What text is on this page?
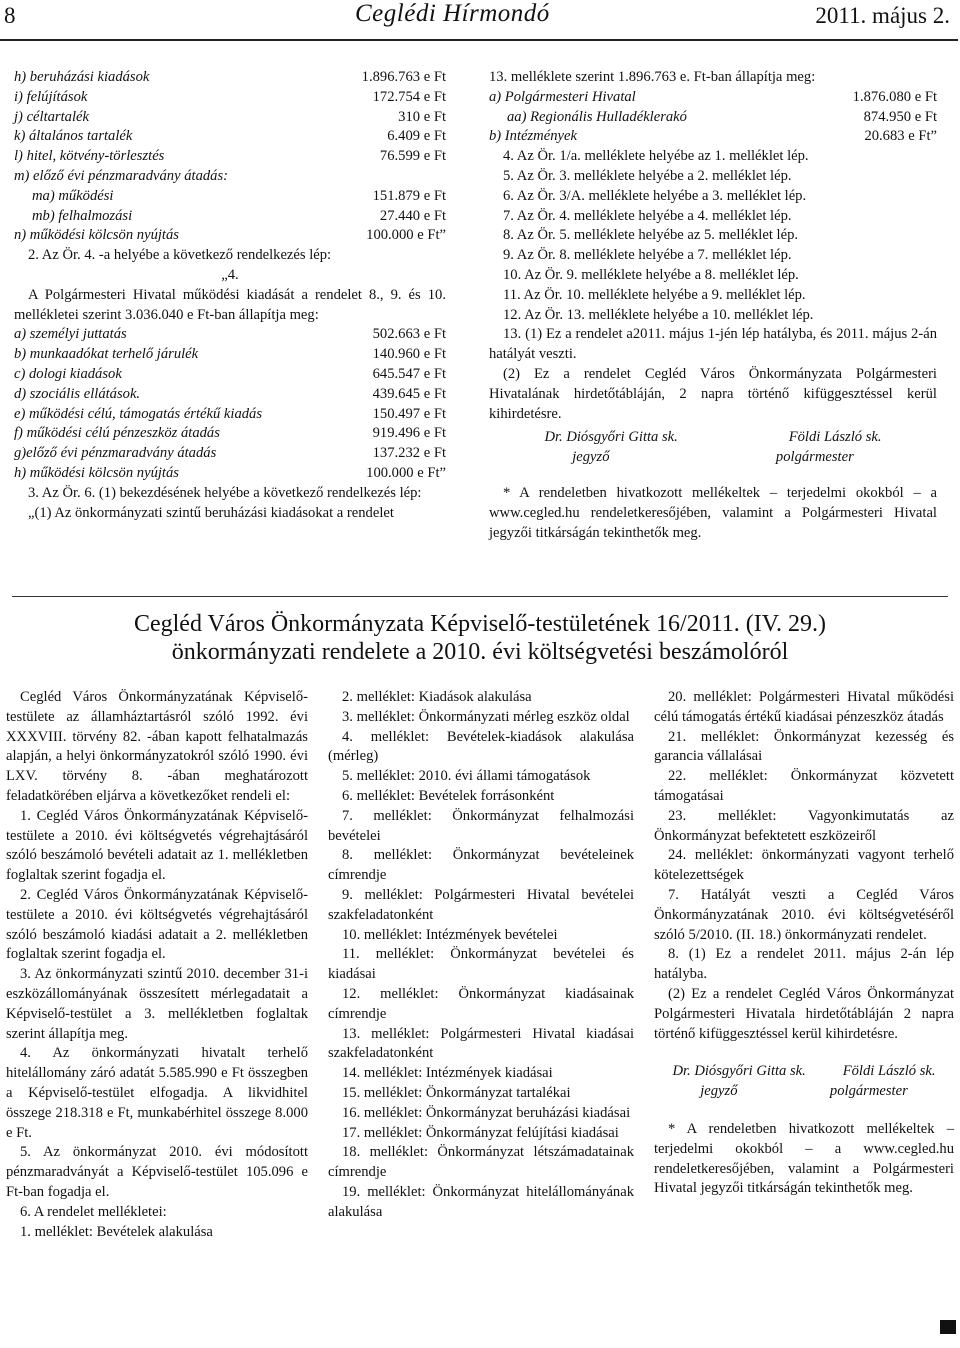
8	Ceglédi Hírmondó	2011. május 2.
h) beruházási kiadások	1.896.763 e Ft
i) felújítások	172.754 e Ft
j) céltartalék	310 e Ft
k) általános tartalék	6.409 e Ft
l) hitel, kötvény-törlesztés	76.599 e Ft
m) előző évi pénzmaradvány átadás:
ma) működési	151.879 e Ft
mb) felhalmozási	27.440 e Ft
n) működési kölcsön nyújtás	100.000 e Ft”

2. Az Ör. 4. -a helyébe a következő rendelkezés lép:

„4.

A Polgármesteri Hivatal működési kiadását a rendelet 8., 9. és 10. mellékletei szerint 3.036.040 e Ft-ban állapítja meg:

a) személyi juttatás	502.663 e Ft
b) munkaadókat terhelő járulék	140.960 e Ft
c) dologi kiadások	645.547 e Ft
d) szociális ellátások.	439.645 e Ft
e) működési célú, támogatás értékű kiadás	150.497 e Ft
f) működési célú pénzeszköz átadás	919.496 e Ft
g)előző évi pénzmaradvány átadás	137.232 e Ft
h) működési kölcsön nyújtás	100.000 e Ft”

3. Az Ör. 6. (1) bekezdésének helyébe a következő rendelkezés lép:

„(1) Az önkormányzati szintű beruházási kiadásokat a rendelet

13. melléklete szerint 1.896.763 e. Ft-ban állapítja meg:
a) Polgármesteri Hivatal	1.876.080 e Ft
aa) Regionális Hulladéklerakó	874.950 e Ft
b) Intézmények	20.683 e Ft”

4. Az Ör. 1/a. melléklete helyébe az 1. melléklet lép.

5. Az Ör. 3. melléklete helyébe a 2. melléklet lép.

6. Az Ör. 3/A. melléklete helyébe a 3. melléklet lép.

7. Az Ör. 4. melléklete helyébe a 4. melléklet lép.

8. Az Ör. 5. melléklete helyébe az 5. melléklet lép.

9. Az Ör. 8. melléklete helyébe a 7. melléklet lép.

10. Az Ör. 9. melléklete helyébe a 8. melléklet lép.

11. Az Ör. 10. melléklete helyébe a 9. melléklet lép.

12. Az Ör. 13. melléklete helyébe a 10. melléklet lép.

13. (1) Ez a rendelet a2011. május 1-jén lép hatályba, és 2011. május 2-án hatályát veszti.

(2) Ez a rendelet Cegléd Város Önkormányzata Polgármesteri Hivatalának hirdetőtábláján, 2 napra történő kifüggesztéssel kerül kihirdetésre.

Dr. Diósgyőri Gitta sk.	Földi László sk.
jegyző	polgármester

* A rendeletben hivatkozott mellékeltek – terjedelmi okokból – a www.cegled.hu rendeletkeresőjében, valamint a Polgármesteri Hivatal jegyzői titkárságán tekinthetők meg.

Cegléd Város Önkormányzata Képviselő-testületének 16/2011. (IV. 29.)
önkormányzati rendelete a 2010. évi költségvetési beszámolóról

Cegléd Város Önkormányzatának Képviselő-testülete az államháztartásról szóló 1992. évi XXXVIII. törvény 82. -ában kapott felhatalmazás alapján, a helyi önkormányzatokról szóló 1990. évi LXV. törvény 8. -ában meghatározott feladatkörében eljárva a következőket rendeli el:

1. Cegléd Város Önkormányzatának Képviselő-testülete a 2010. évi költségvetés végrehajtásáról szóló beszámoló bevételi adatait az 1. mellékletben foglaltak szerint fogadja el.

2. Cegléd Város Önkormányzatának Képviselő-testülete a 2010. évi költségvetés végrehajtásáról szóló beszámoló kiadási adatait a 2. mellékletben foglaltak szerint fogadja el.

3. Az önkormányzati szintű 2010. december 31-i eszközállományának összesített mérlegadatait a Képviselő-testület a 3. mellékletben foglaltak szerint állapítja meg.

4. Az önkormányzati hivatalt terhelő hitelállomány záró adatát 5.585.990 e Ft összegben a Képviselő-testület elfogadja. A likvidhitel összege 218.318 e Ft, munkabérhitel összege 8.000 e Ft.

5. Az önkormányzat 2010. évi módosított pénzmaradványát a Képviselő-testület 105.096 e Ft-ban fogadja el.

6. A rendelet mellékletei:

1. melléklet: Bevételek alakulása

2. melléklet: Kiadások alakulása

3. melléklet: Önkormányzati mérleg eszköz oldal

4. melléklet: Bevételek-kiadások alakulása (mérleg)

5. melléklet: 2010. évi állami támogatások

6. melléklet: Bevételek forrásonként

7. melléklet: Önkormányzat felhalmozási bevételei

8. melléklet: Önkormányzat bevételeinek címrendje

9. melléklet: Polgármesteri Hivatal bevételei szakfeladatonként

10. melléklet: Intézmények bevételei

11. melléklet: Önkormányzat bevételei és kiadásai

12. melléklet: Önkormányzat kiadásainak címrendje

13. melléklet: Polgármesteri Hivatal kiadásai szakfeladatonként

14. melléklet: Intézmények kiadásai

15. melléklet: Önkormányzat tartalékai

16. melléklet: Önkormányzat beruházási kiadásai

17. melléklet: Önkormányzat felújítási kiadásai

18. melléklet: Önkormányzat létszámadatainak címrendje

19. melléklet: Önkormányzat hitelállományának alakulása

20. melléklet: Polgármesteri Hivatal működési célú támogatás értékű kiadásai pénzeszköz átadás

21. melléklet: Önkormányzat kezesség és garancia vállalásai

22. melléklet: Önkormányzat közvetett támogatásai

23. melléklet: Vagyonkimutatás az Önkormányzat befektetett eszközeiről

24. melléklet: önkormányzati vagyont terhelő kötelezettségek

7. Hatályát veszti a Cegléd Város Önkormányzatának 2010. évi költségvetéséről szóló 5/2010. (II. 18.) önkormányzati rendelet.

8. (1) Ez a rendelet 2011. május 2-án lép hatályba.

(2) Ez a rendelet Cegléd Város Önkormányzat Polgármesteri Hivatala hirdetőtábláján 2 napra történő kifüggesztéssel kerül kihirdetésre.

Dr. Diósgyőri Gitta sk.	Földi László sk.
jegyző	polgármester

* A rendeletben hivatkozott mellékeltek – terjedelmi okokból – a www.cegled.hu rendeletkeresőjében, valamint a Polgármesteri Hivatal jegyzői titkárságán tekinthetők meg.
